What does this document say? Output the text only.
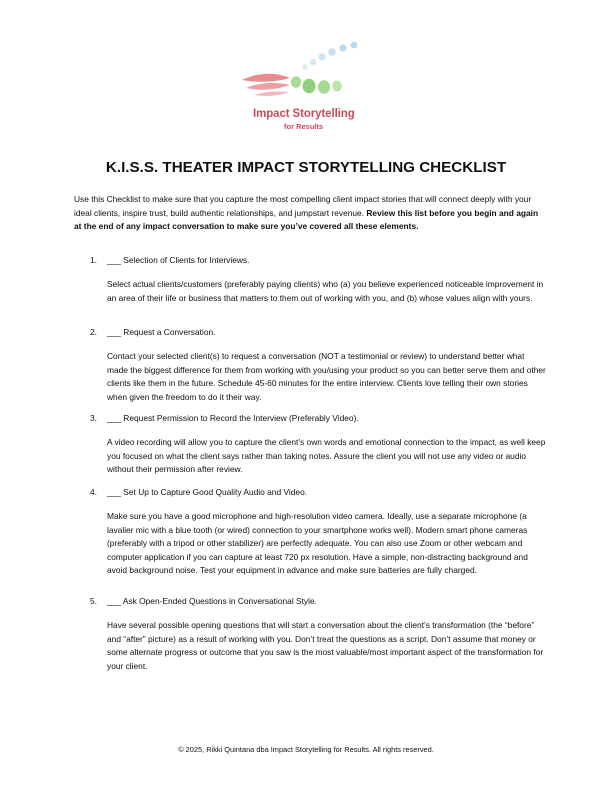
Impact Storytelling
for Results
K.I.S.S. THEATER IMPACT STORYTELLING CHECKLIST
Use this Checklist to make sure that you capture the most compelling client impact stories that will connect deeply with your ideal clients, inspire trust, build authentic relationships, and jumpstart revenue. Review this list before you begin and again at the end of any impact conversation to make sure you’ve covered all these elements.
1. ___ Selection of Clients for Interviews.
Select actual clients/customers (preferably paying clients) who (a) you believe experienced noticeable improvement in an area of their life or business that matters to them out of working with you, and (b) whose values align with yours.
2. ___ Request a Conversation.
Contact your selected client(s) to request a conversation (NOT a testimonial or review) to understand better what made the biggest difference for them from working with you/using your product so you can better serve them and other clients like them in the future. Schedule 45-60 minutes for the entire interview. Clients love telling their own stories when given the freedom to do it their way.
3. ___ Request Permission to Record the Interview (Preferably Video).
A video recording will allow you to capture the client’s own words and emotional connection to the impact, as well keep you focused on what the client says rather than taking notes. Assure the client you will not use any video or audio without their permission after review.
4. ___ Set Up to Capture Good Quality Audio and Video.
Make sure you have a good microphone and high-resolution video camera. Ideally, use a separate microphone (a lavalier mic with a blue tooth (or wired) connection to your smartphone works well). Modern smart phone cameras (preferably with a tripod or other stabilizer) are perfectly adequate. You can also use Zoom or other webcam and computer application if you can capture at least 720 px resolution. Have a simple, non-distracting background and avoid background noise. Test your equipment in advance and make sure batteries are fully charged.
5. ___ Ask Open-Ended Questions in Conversational Style.
Have several possible opening questions that will start a conversation about the client’s transformation (the “before” and “after” picture) as a result of working with you. Don’t treat the questions as a script. Don’t assume that money or some alternate progress or outcome that you saw is the most valuable/most important aspect of the transformation for your client.
© 2025, Rikki Quintana dba Impact Storytelling for Results. All rights reserved.
